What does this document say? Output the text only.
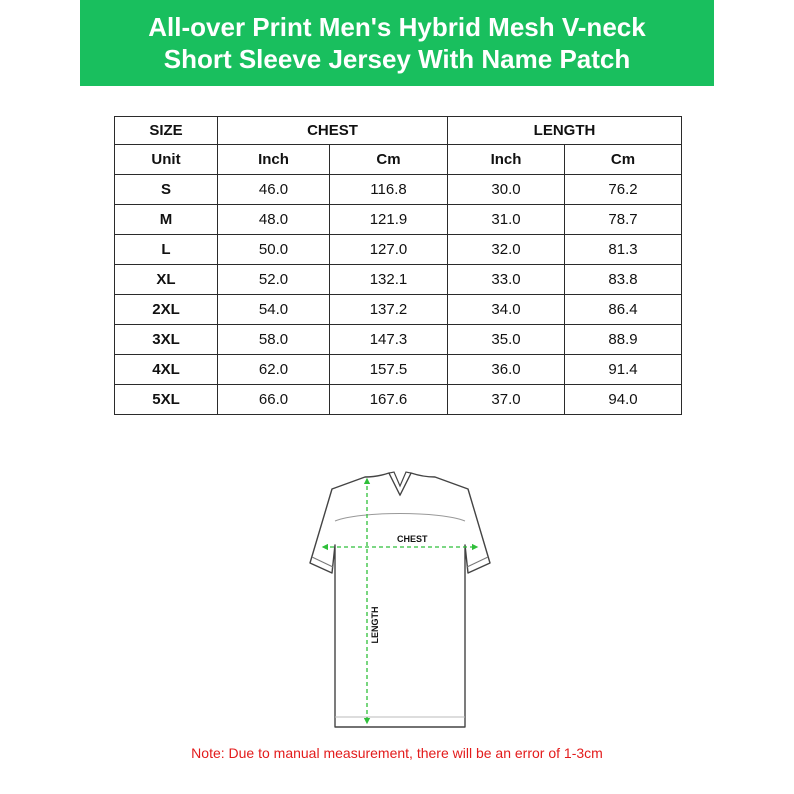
All-over Print Men's Hybrid Mesh V-neck
Short Sleeve Jersey With Name Patch
SIZE	CHEST		LENGTH	
Unit	Inch	Cm	Inch	Cm
S	46.0	116.8	30.0	76.2
M	48.0	121.9	31.0	78.7
L	50.0	127.0	32.0	81.3
XL	52.0	132.1	33.0	83.8
2XL	54.0	137.2	34.0	86.4
3XL	58.0	147.3	35.0	88.9
4XL	62.0	157.5	36.0	91.4
5XL	66.0	167.6	37.0	94.0
CHEST
LENGTH
Note: Due to manual measurement, there will be an error of 1-3cm
